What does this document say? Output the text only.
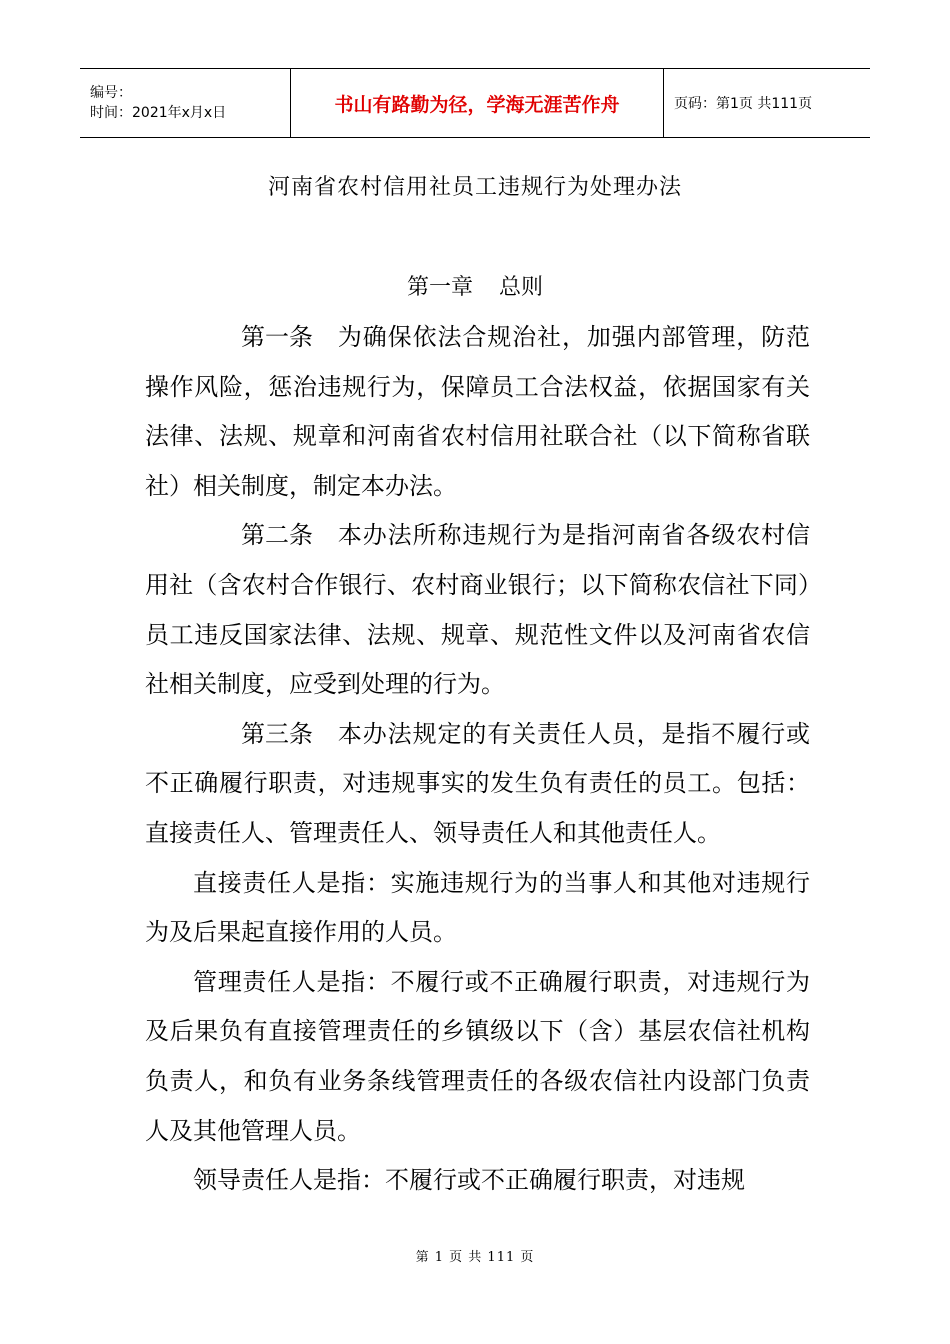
编号：
时间：2021年x月x日	书山有路勤为径，学海无涯苦作舟	页码：第1页 共111页
河南省农村信用社员工违规行为处理办法
第一章 总则

第一条 为确保依法合规治社，加强内部管理，防范操作风险，惩治违规行为，保障员工合法权益，依据国家有关法律、法规、规章和河南省农村信用社联合社（以下简称省联社）相关制度，制定本办法。

第二条 本办法所称违规行为是指河南省各级农村信用社（含农村合作银行、农村商业银行；以下简称农信社下同）员工违反国家法律、法规、规章、规范性文件以及河南省农信社相关制度，应受到处理的行为。

第三条 本办法规定的有关责任人员，是指不履行或不正确履行职责，对违规事实的发生负有责任的员工。包括：直接责任人、管理责任人、领导责任人和其他责任人。

直接责任人是指：实施违规行为的当事人和其他对违规行为及后果起直接作用的人员。

管理责任人是指：不履行或不正确履行职责，对违规行为及后果负有直接管理责任的乡镇级以下（含）基层农信社机构负责人，和负有业务条线管理责任的各级农信社内设部门负责人及其他管理人员。

领导责任人是指：不履行或不正确履行职责，对违规

第 1 页 共 111 页
